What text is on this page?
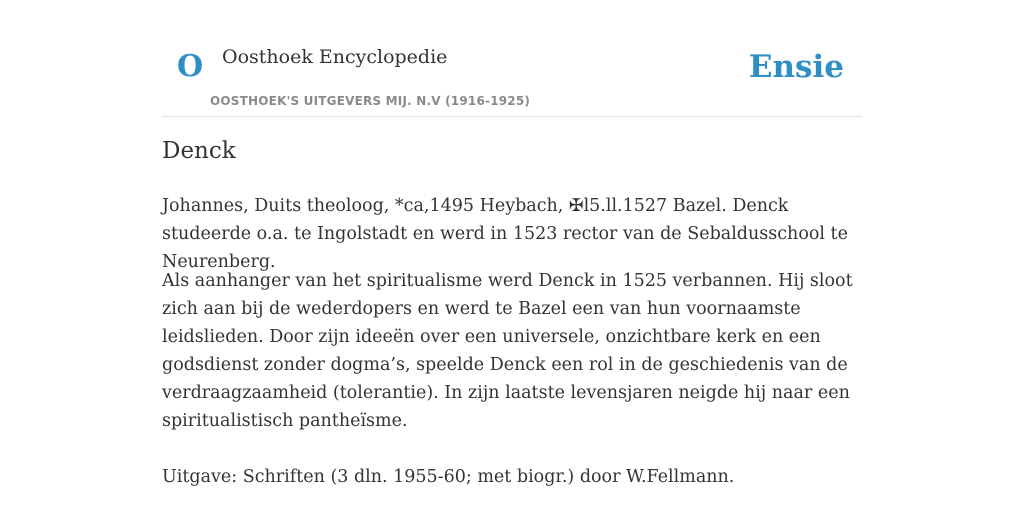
O Oosthoek Encyclopedie
OOSTHOEK'S UITGEVERS MIJ. N.V (1916-1925)
Ensie
Denck

Johannes, Duits theoloog, *ca,1495 Heybach, ✠l5.ll.1527 Bazel. Denck studeerde o.a. te Ingolstadt en werd in 1523 rector van de Sebaldusschool te Neurenberg.

Als aanhanger van het spiritualisme werd Denck in 1525 verbannen. Hij sloot zich aan bij de wederdopers en werd te Bazel een van hun voornaamste leidslieden. Door zijn ideeën over een universele, onzichtbare kerk en een godsdienst zonder dogma’s, speelde Denck een rol in de geschiedenis van de verdraagzaamheid (tolerantie). In zijn laatste levensjaren neigde hij naar een spiritualistisch pantheïsme.

Uitgave: Schriften (3 dln. 1955-60; met biogr.) door W.Fellmann.
